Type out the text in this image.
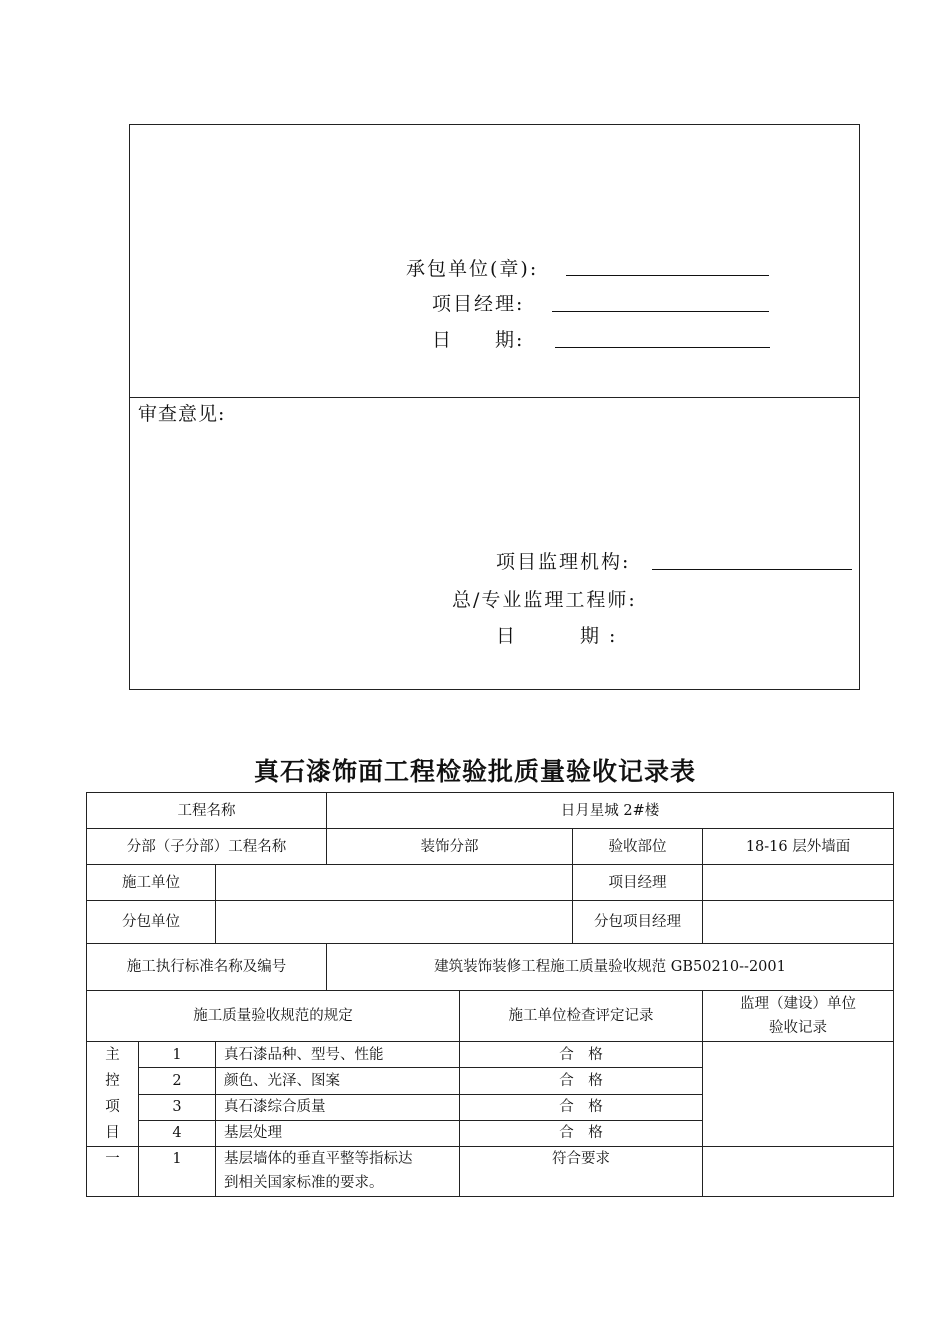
承包单位(章):
项目经理:
日　　期:
审查意见:
项目监理机构:
总/专业监理工程师:
日　　　期 :
真石漆饰面工程检验批质量验收记录表
工程名称			日月星城 2#楼			
分部（子分部）工程名称			装饰分部		验收部位	18-16 层外墙面
施工单位					项目经理	
分包单位					分包项目经理	
施工执行标准名称及编号			建筑装饰装修工程施工质量验收规范 GB50210--2001			
施工质量验收规范的规定				施工单位检查评定记录		监理（建设）单位
验收记录

主
控
项
目	1	真石漆品种、型号、性能		合　格		
	2	颜色、光泽、图案		合　格		
	3	真石漆综合质量		合　格		
	4	基层处理		合　格		
一	1	基层墙体的垂直平整等指标达
到相关国家标准的要求。		符合要求		
